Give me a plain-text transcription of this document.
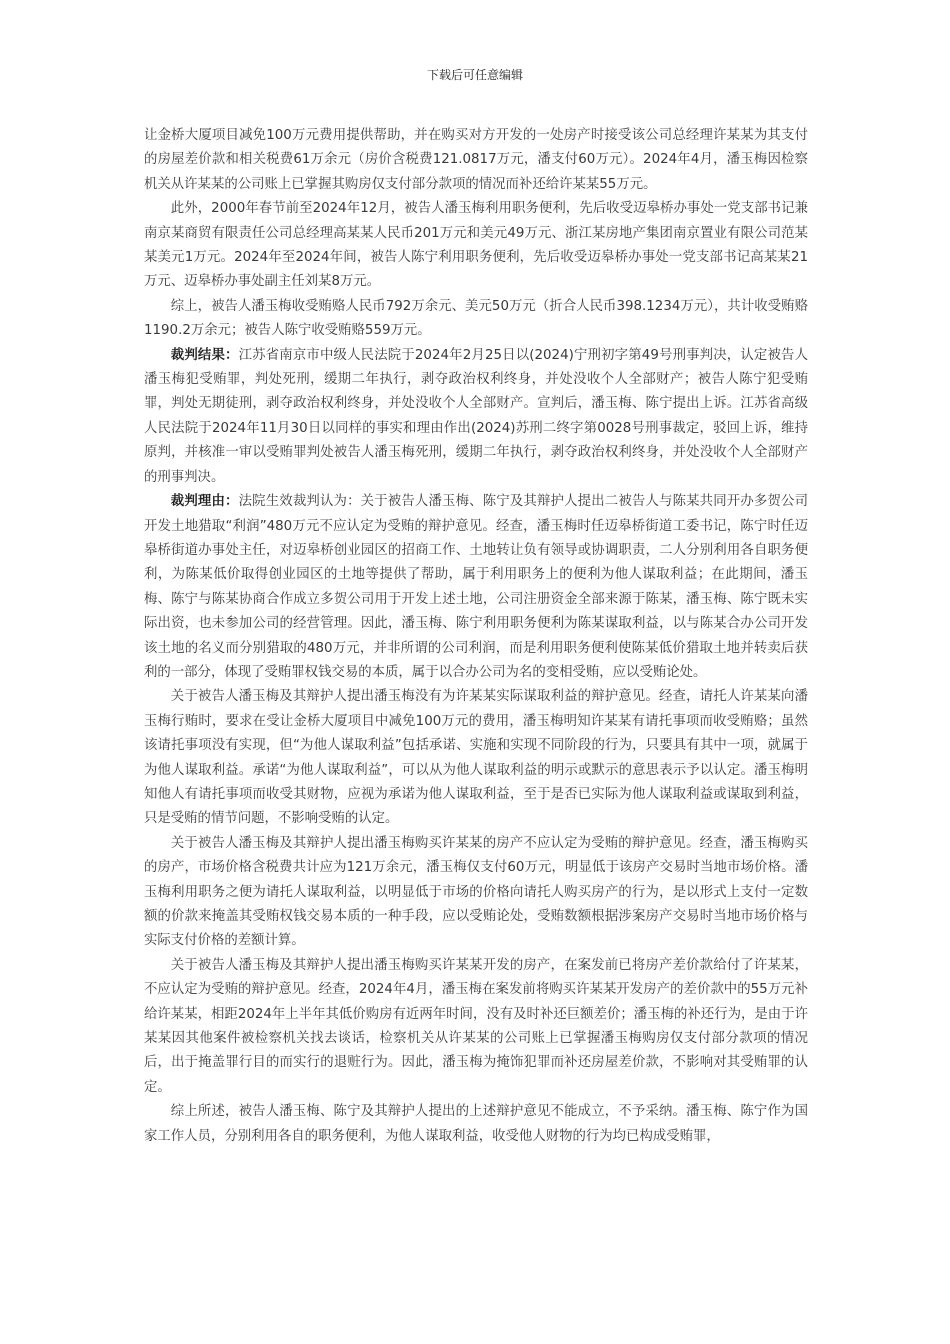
下载后可任意编辑

让金桥大厦项目减免100万元费用提供帮助，并在购买对方开发的一处房产时接受该公司总经理许某某为其支付的房屋差价款和相关税费61万余元（房价含税费121.0817万元，潘支付60万元）。2024年4月，潘玉梅因检察机关从许某某的公司账上已掌握其购房仅支付部分款项的情况而补还给许某某55万元。

此外，2000年春节前至2024年12月，被告人潘玉梅利用职务便利，先后收受迈皋桥办事处一党支部书记兼南京某商贸有限责任公司总经理高某某人民币201万元和美元49万元、浙江某房地产集团南京置业有限公司范某某美元1万元。2024年至2024年间，被告人陈宁利用职务便利，先后收受迈皋桥办事处一党支部书记高某某21万元、迈皋桥办事处副主任刘某8万元。

综上，被告人潘玉梅收受贿赂人民币792万余元、美元50万元（折合人民币398.1234万元），共计收受贿赂1190.2万余元；被告人陈宁收受贿赂559万元。

裁判结果：江苏省南京市中级人民法院于2024年2月25日以(2024)宁刑初字第49号刑事判决，认定被告人潘玉梅犯受贿罪，判处死刑，缓期二年执行，剥夺政治权利终身，并处没收个人全部财产；被告人陈宁犯受贿罪，判处无期徒刑，剥夺政治权利终身，并处没收个人全部财产。宣判后，潘玉梅、陈宁提出上诉。江苏省高级人民法院于2024年11月30日以同样的事实和理由作出(2024)苏刑二终字第0028号刑事裁定，驳回上诉，维持原判，并核准一审以受贿罪判处被告人潘玉梅死刑，缓期二年执行，剥夺政治权利终身，并处没收个人全部财产的刑事判决。

裁判理由：法院生效裁判认为：关于被告人潘玉梅、陈宁及其辩护人提出二被告人与陈某共同开办多贺公司开发土地猎取“利润”480万元不应认定为受贿的辩护意见。经查，潘玉梅时任迈皋桥街道工委书记，陈宁时任迈皋桥街道办事处主任，对迈皋桥创业园区的招商工作、土地转让负有领导或协调职责，二人分别利用各自职务便利，为陈某低价取得创业园区的土地等提供了帮助，属于利用职务上的便利为他人谋取利益；在此期间，潘玉梅、陈宁与陈某协商合作成立多贺公司用于开发上述土地，公司注册资金全部来源于陈某，潘玉梅、陈宁既未实际出资，也未参加公司的经营管理。因此，潘玉梅、陈宁利用职务便利为陈某谋取利益，以与陈某合办公司开发该土地的名义而分别猎取的480万元，并非所谓的公司利润，而是利用职务便利使陈某低价猎取土地并转卖后获利的一部分，体现了受贿罪权钱交易的本质，属于以合办公司为名的变相受贿，应以受贿论处。

关于被告人潘玉梅及其辩护人提出潘玉梅没有为许某某实际谋取利益的辩护意见。经查，请托人许某某向潘玉梅行贿时，要求在受让金桥大厦项目中减免100万元的费用，潘玉梅明知许某某有请托事项而收受贿赂；虽然该请托事项没有实现，但“为他人谋取利益”包括承诺、实施和实现不同阶段的行为，只要具有其中一项，就属于为他人谋取利益。承诺“为他人谋取利益”，可以从为他人谋取利益的明示或默示的意思表示予以认定。潘玉梅明知他人有请托事项而收受其财物，应视为承诺为他人谋取利益，至于是否已实际为他人谋取利益或谋取到利益，只是受贿的情节问题，不影响受贿的认定。

关于被告人潘玉梅及其辩护人提出潘玉梅购买许某某的房产不应认定为受贿的辩护意见。经查，潘玉梅购买的房产，市场价格含税费共计应为121万余元，潘玉梅仅支付60万元，明显低于该房产交易时当地市场价格。潘玉梅利用职务之便为请托人谋取利益，以明显低于市场的价格向请托人购买房产的行为，是以形式上支付一定数额的价款来掩盖其受贿权钱交易本质的一种手段，应以受贿论处，受贿数额根据涉案房产交易时当地市场价格与实际支付价格的差额计算。

关于被告人潘玉梅及其辩护人提出潘玉梅购买许某某开发的房产，在案发前已将房产差价款给付了许某某，不应认定为受贿的辩护意见。经查，2024年4月，潘玉梅在案发前将购买许某某开发房产的差价款中的55万元补给许某某，相距2024年上半年其低价购房有近两年时间，没有及时补还巨额差价；潘玉梅的补还行为，是由于许某某因其他案件被检察机关找去谈话，检察机关从许某某的公司账上已掌握潘玉梅购房仅支付部分款项的情况后，出于掩盖罪行目的而实行的退赃行为。因此，潘玉梅为掩饰犯罪而补还房屋差价款，不影响对其受贿罪的认定。

综上所述，被告人潘玉梅、陈宁及其辩护人提出的上述辩护意见不能成立，不予采纳。潘玉梅、陈宁作为国家工作人员，分别利用各自的职务便利，为他人谋取利益，收受他人财物的行为均已构成受贿罪，
